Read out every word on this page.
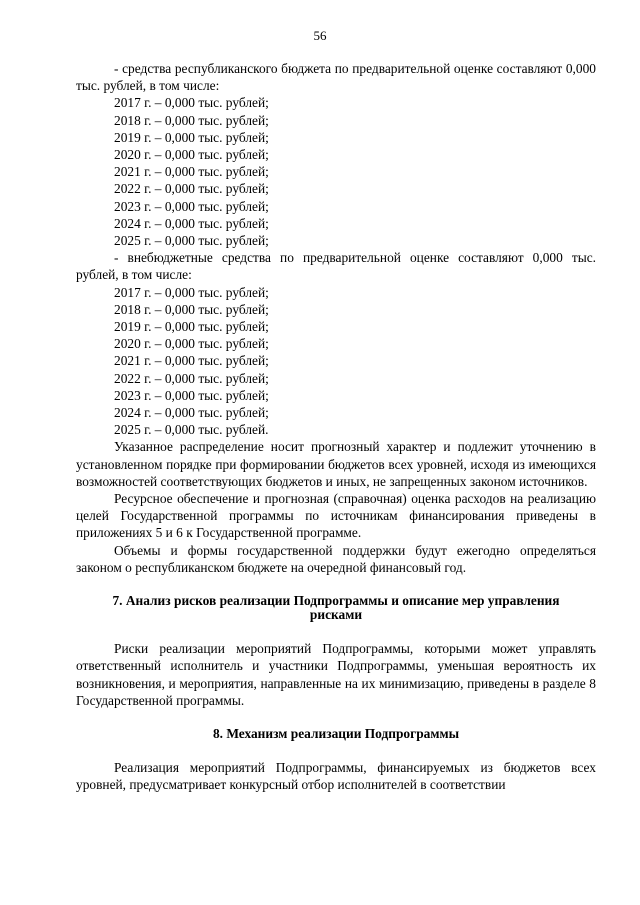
56

- средства республиканского бюджета по предварительной оценке составляют 0,000 тыс. рублей, в том числе:

2017 г. – 0,000 тыс. рублей;

2018 г. – 0,000 тыс. рублей;

2019 г. – 0,000 тыс. рублей;

2020 г. – 0,000 тыс. рублей;

2021 г. – 0,000 тыс. рублей;

2022 г. – 0,000 тыс. рублей;

2023 г. – 0,000 тыс. рублей;

2024 г. – 0,000 тыс. рублей;

2025 г. – 0,000 тыс. рублей;

- внебюджетные средства по предварительной оценке составляют 0,000 тыс. рублей, в том числе:

2017 г. – 0,000 тыс. рублей;

2018 г. – 0,000 тыс. рублей;

2019 г. – 0,000 тыс. рублей;

2020 г. – 0,000 тыс. рублей;

2021 г. – 0,000 тыс. рублей;

2022 г. – 0,000 тыс. рублей;

2023 г. – 0,000 тыс. рублей;

2024 г. – 0,000 тыс. рублей;

2025 г. – 0,000 тыс. рублей.

Указанное распределение носит прогнозный характер и подлежит уточнению в установленном порядке при формировании бюджетов всех уровней, исходя из имеющихся возможностей соответствующих бюджетов и иных, не запрещенных законом источников.

Ресурсное обеспечение и прогнозная (справочная) оценка расходов на реализацию целей Государственной программы по источникам финансирования приведены в приложениях 5 и 6 к Государственной программе.

Объемы и формы государственной поддержки будут ежегодно определяться законом о республиканском бюджете на очередной финансовый год.

7. Анализ рисков реализации Подпрограммы и описание мер управления

рисками

Риски реализации мероприятий Подпрограммы, которыми может управлять ответственный исполнитель и участники Подпрограммы, уменьшая вероятность их возникновения, и мероприятия, направленные на их минимизацию, приведены в разделе 8 Государственной программы.

8. Механизм реализации Подпрограммы

Реализация мероприятий Подпрограммы, финансируемых из бюджетов всех уровней, предусматривает конкурсный отбор исполнителей в соответствии
